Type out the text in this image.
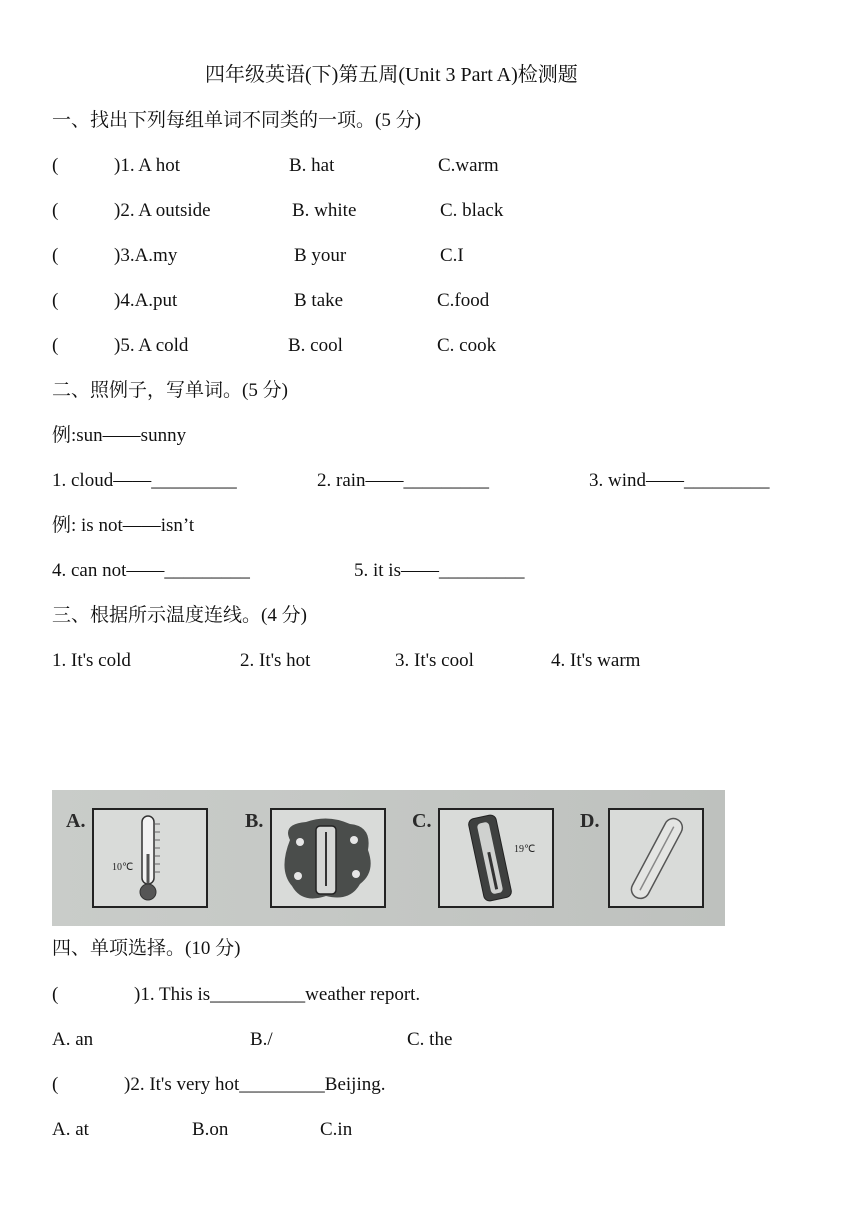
四年级英语(下)第五周(Unit 3 Part A)检测题
一、找出下列每组单词不同类的一项。(5 分)
(	)1. A hot	B. hat	C.warm
(	)2. A outside	B. white	C. black
(	)3.A.my	B your	C.I
(	)4.A.put	B take	C.food
(	)5. A cold	B. cool	C. cook
二、照例子，写单词。(5 分)
例:sun——sunny
1. cloud——_________	2. rain——_________	3. wind——_________
例: is not——isn’t
4. can not——_________	5. it is——_________
三、根据所示温度连线。(4 分)
1. It's cold	2. It's hot	3. It's cool	4. It's warm
A.
10℃
B.	C.
19℃
D.
四、单项选择。(10 分)
(	)1. This is__________weather report.
A. an	B./	C. the
(	)2. It's very hot_________Beijing.
A. at	B.on	C.in
